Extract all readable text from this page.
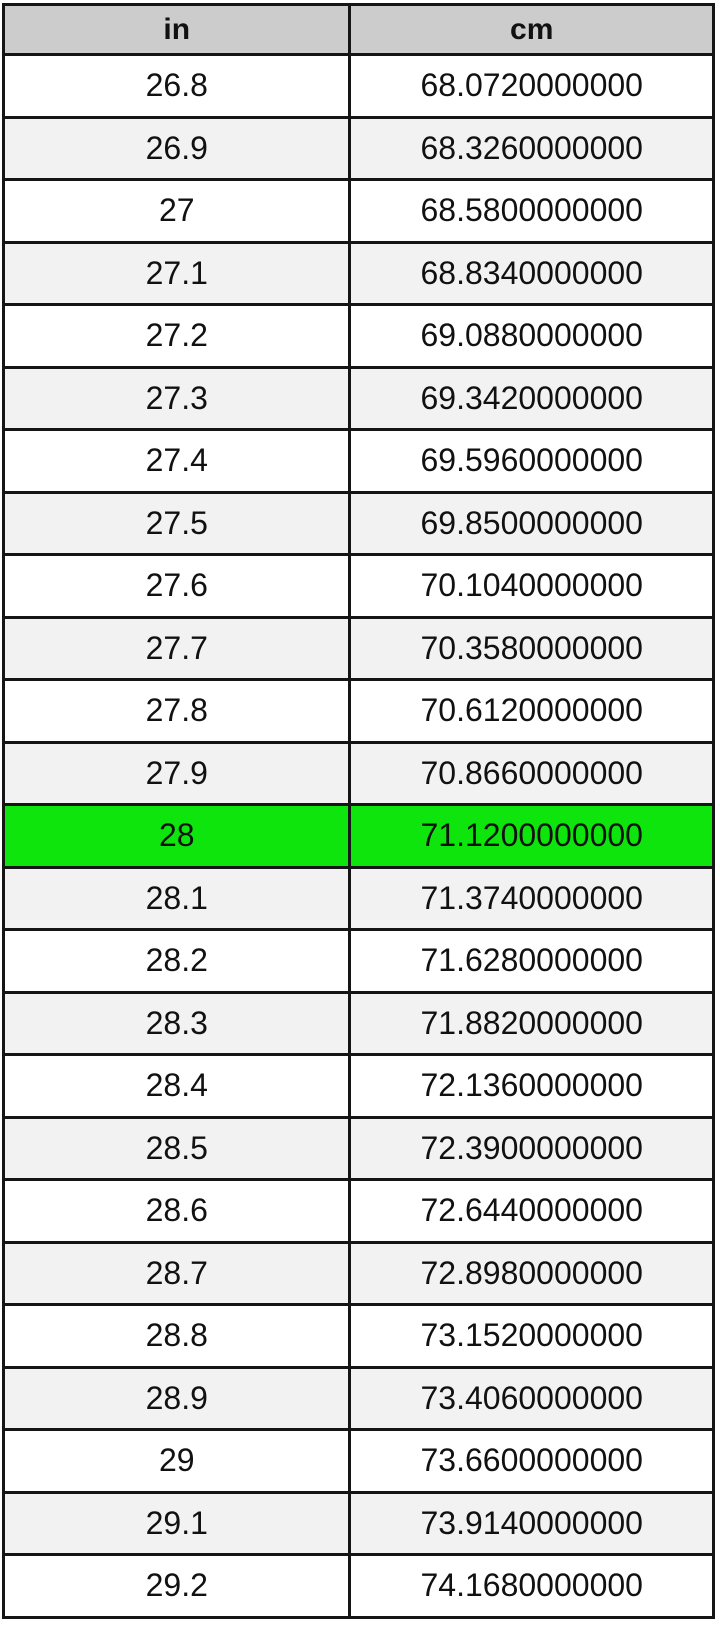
in	cm
26.8	68.0720000000
26.9	68.3260000000
27	68.5800000000
27.1	68.8340000000
27.2	69.0880000000
27.3	69.3420000000
27.4	69.5960000000
27.5	69.8500000000
27.6	70.1040000000
27.7	70.3580000000
27.8	70.6120000000
27.9	70.8660000000
28	71.1200000000
28.1	71.3740000000
28.2	71.6280000000
28.3	71.8820000000
28.4	72.1360000000
28.5	72.3900000000
28.6	72.6440000000
28.7	72.8980000000
28.8	73.1520000000
28.9	73.4060000000
29	73.6600000000
29.1	73.9140000000
29.2	74.1680000000
